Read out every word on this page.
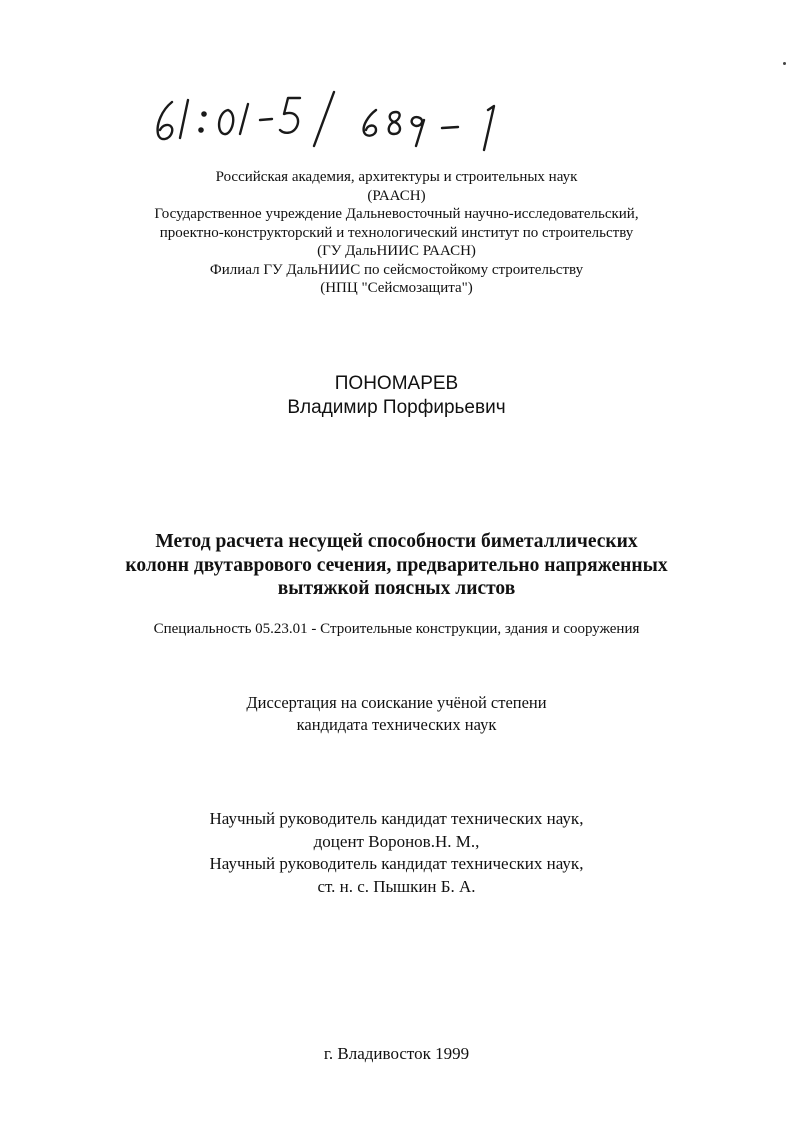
Российская академия, архитектуры и строительных наук
(РААСН)
Государственное учреждение Дальневосточный научно-исследовательский,
проектно-конструкторский и технологический институт по строительству
(ГУ ДальНИИС РААСН)
Филиал ГУ ДальНИИС по сейсмостойкому строительству
(НПЦ "Сейсмозащита")
ПОНОМАРЕВ
Владимир Порфирьевич
Метод расчета несущей способности биметаллических
колонн двутаврового сечения, предварительно напряженных
вытяжкой поясных листов
Специальность 05.23.01 - Строительные конструкции, здания и сооружения
Диссертация на соискание учёной степени
кандидата технических наук
Научный руководитель кандидат технических наук,
доцент Воронов.Н. М.,
Научный руководитель кандидат технических наук,
ст. н. с. Пышкин Б. А.
г. Владивосток 1999
